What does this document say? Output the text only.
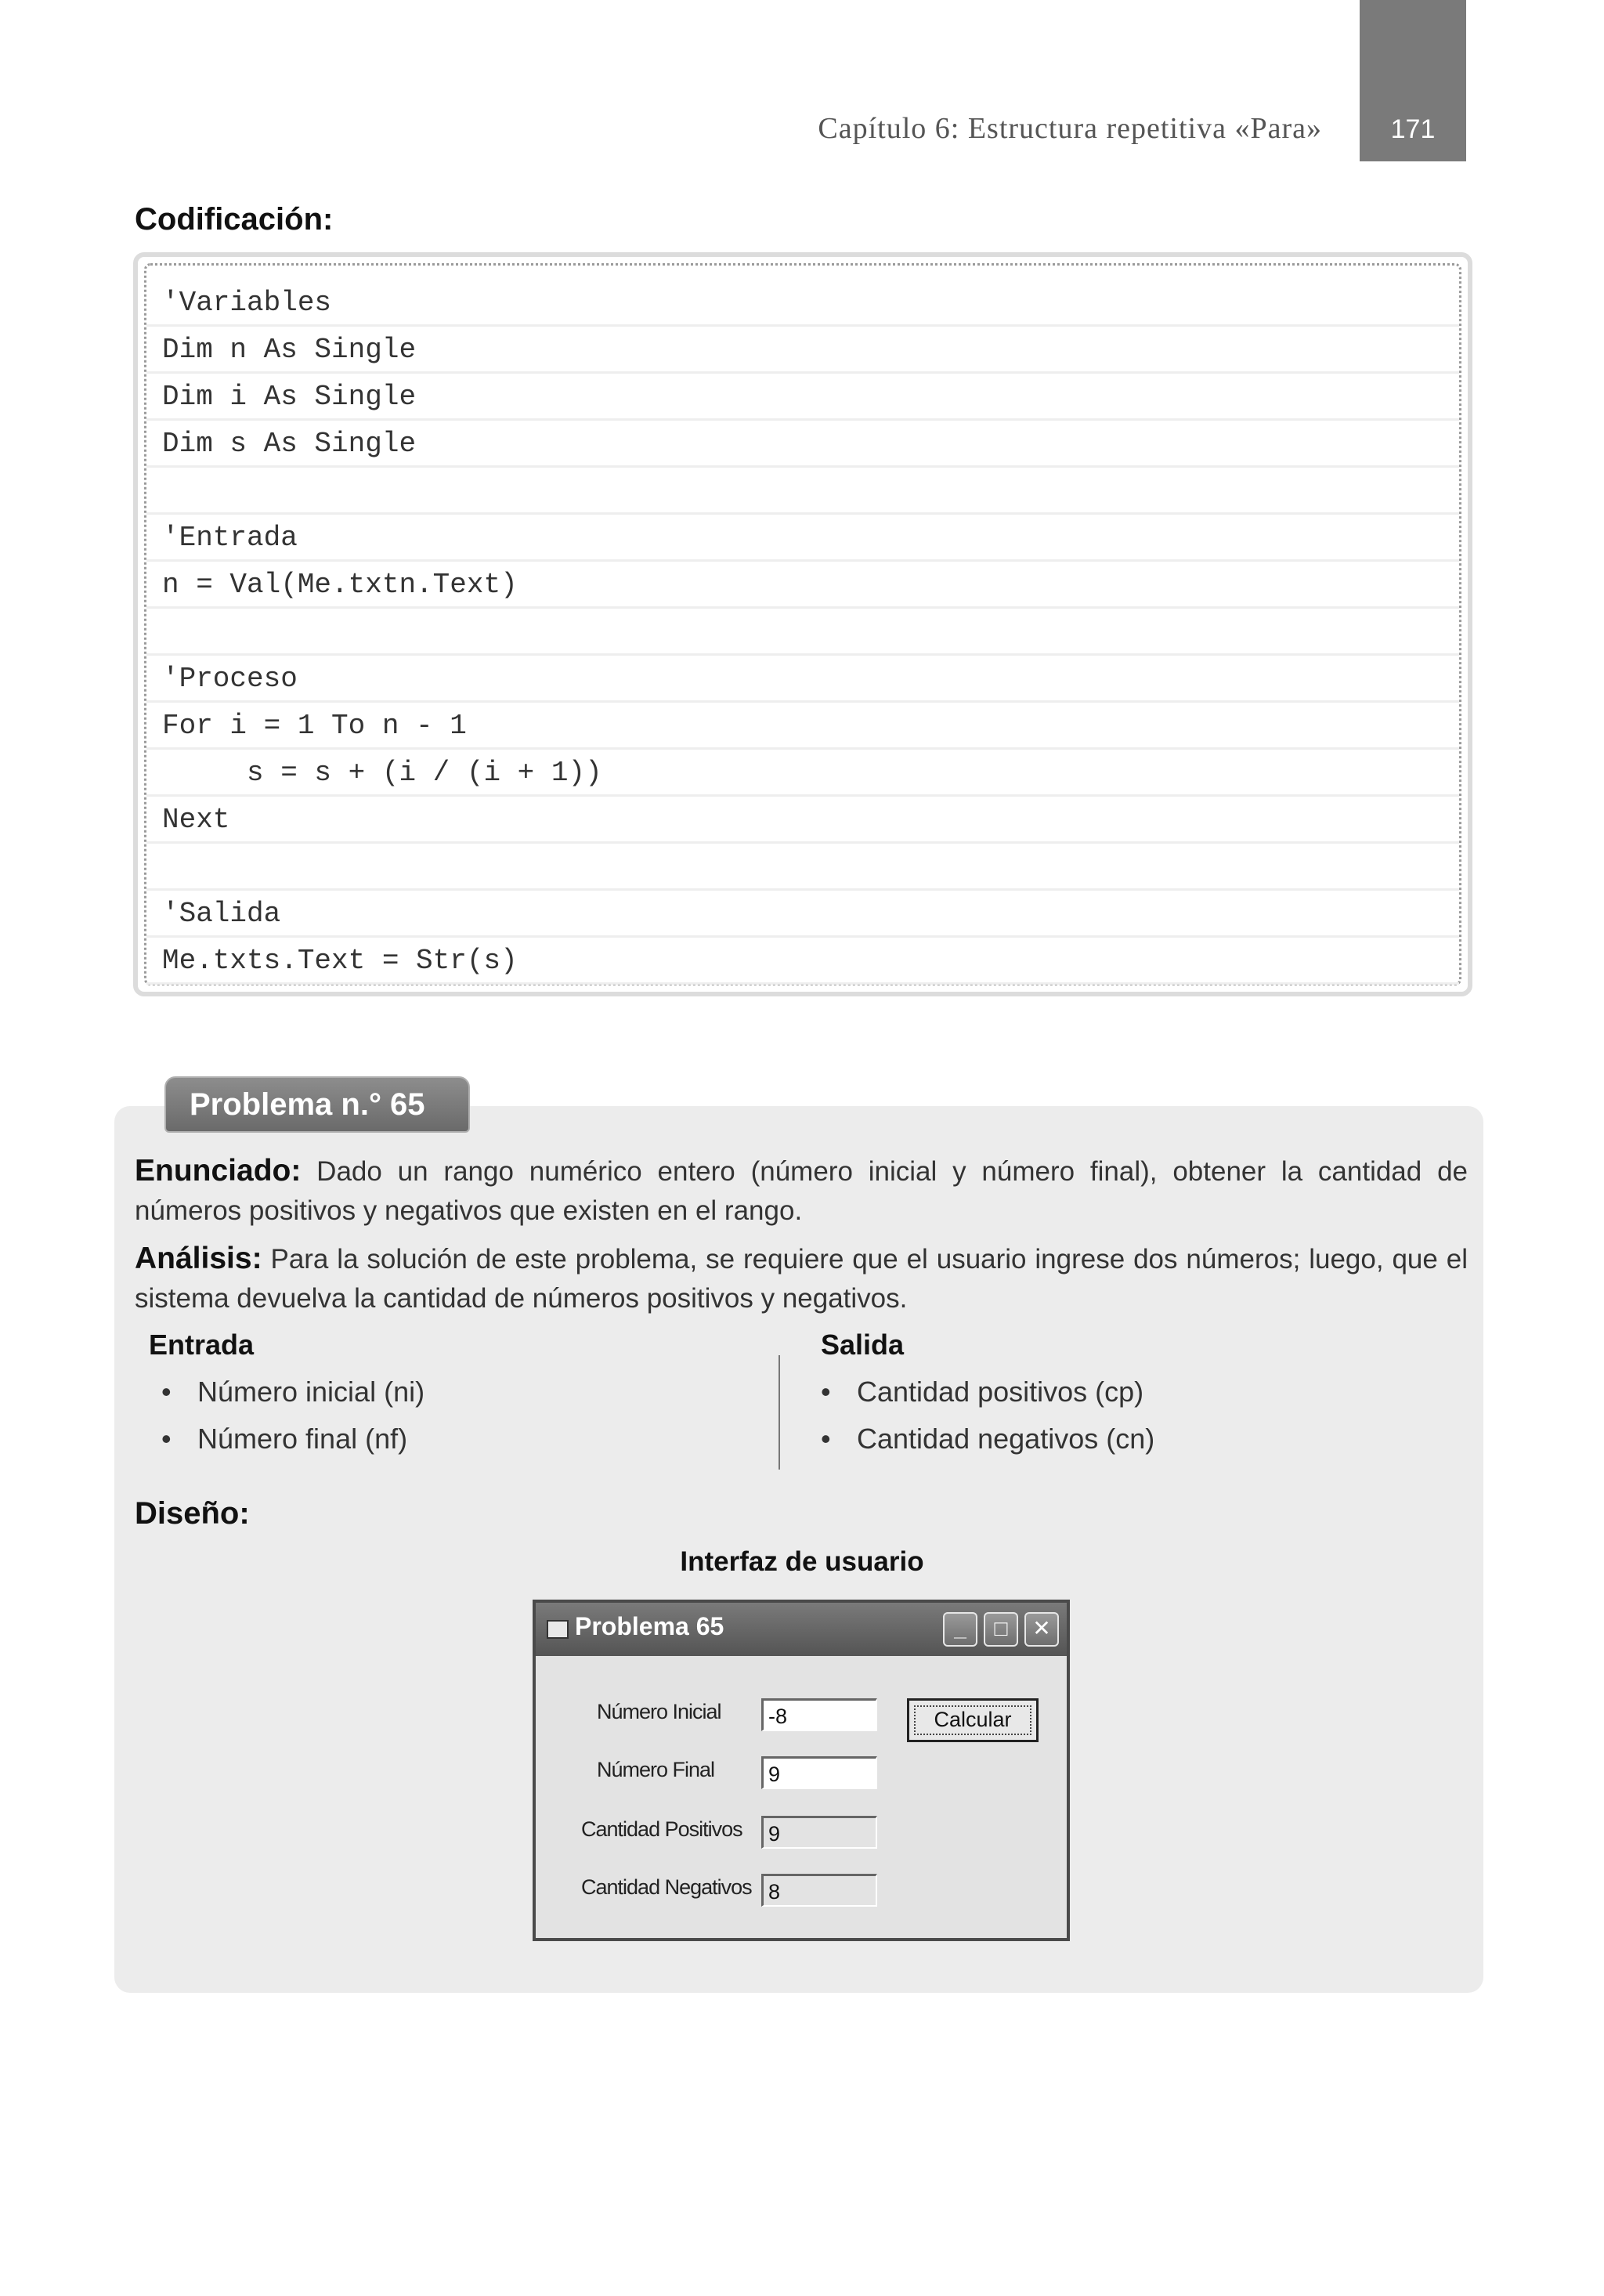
171
Capítulo 6: Estructura repetitiva «Para»
Codificación:
'Variables
Dim n As Single
Dim i As Single
Dim s As Single
'Entrada
n = Val(Me.txtn.Text)
'Proceso
For i = 1 To n - 1
s = s + (i / (i + 1))
Next
'Salida
Me.txts.Text = Str(s)
Problema n.° 65
Enunciado: Dado un rango numérico entero (número inicial y número final), obtener la cantidad de números positivos y negativos que existen en el rango.
Análisis: Para la solución de este problema, se requiere que el usuario ingrese dos números; luego, que el sistema devuelva la cantidad de números positivos y negativos.
Entrada
• Número inicial (ni)
• Número final (nf)
Salida
• Cantidad positivos (cp)
• Cantidad negativos (cn)
Diseño:
Interfaz de usuario
Problema 65	_	□	✕
Número Inicial	-8
Número Final	9
Cantidad Positivos	9
Cantidad Negativos 8
Calcular
